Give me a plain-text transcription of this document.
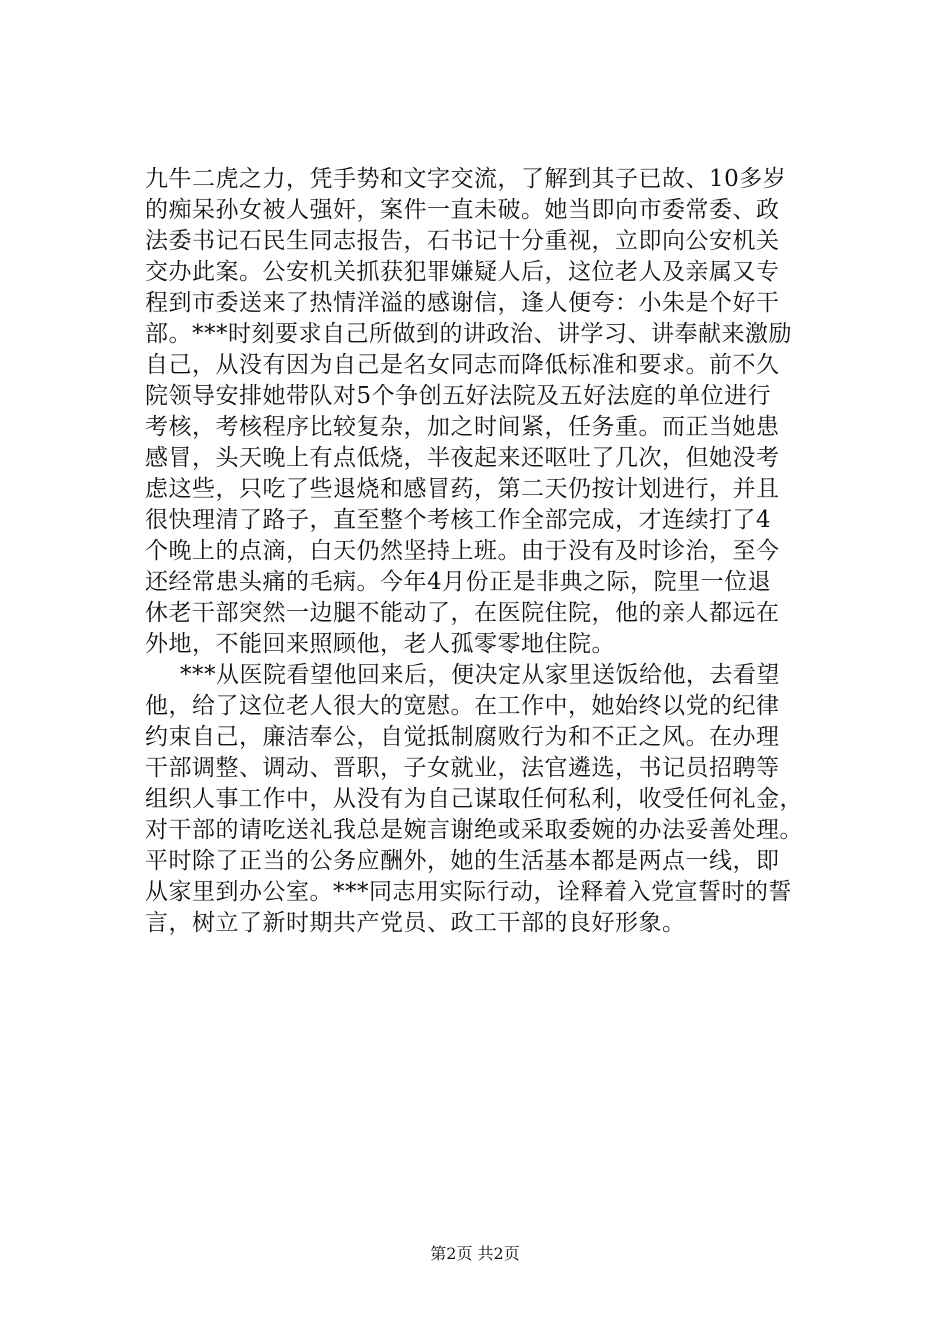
九牛二虎之力，凭手势和文字交流，了解到其子已故、10多岁
的痴呆孙女被人强奸，案件一直未破。她当即向市委常委、政
法委书记石民生同志报告，石书记十分重视，立即向公安机关
交办此案。公安机关抓获犯罪嫌疑人后，这位老人及亲属又专
程到市委送来了热情洋溢的感谢信，逢人便夸：小朱是个好干
部。***时刻要求自己所做到的讲政治、讲学习、讲奉献来激励
自己，从没有因为自己是名女同志而降低标准和要求。前不久
院领导安排她带队对5个争创五好法院及五好法庭的单位进行
考核，考核程序比较复杂，加之时间紧，任务重。而正当她患
感冒，头天晚上有点低烧，半夜起来还呕吐了几次，但她没考
虑这些，只吃了些退烧和感冒药，第二天仍按计划进行，并且
很快理清了路子，直至整个考核工作全部完成，才连续打了4
个晚上的点滴，白天仍然坚持上班。由于没有及时诊治，至今
还经常患头痛的毛病。今年4月份正是非典之际，院里一位退
休老干部突然一边腿不能动了，在医院住院，他的亲人都远在
外地，不能回来照顾他，老人孤零零地住院。
***从医院看望他回来后，便决定从家里送饭给他，去看望
他，给了这位老人很大的宽慰。在工作中，她始终以党的纪律
约束自己，廉洁奉公，自觉抵制腐败行为和不正之风。在办理
干部调整、调动、晋职，子女就业，法官遴选，书记员招聘等
组织人事工作中，从没有为自己谋取任何私利，收受任何礼金，
对干部的请吃送礼我总是婉言谢绝或采取委婉的办法妥善处理。
平时除了正当的公务应酬外，她的生活基本都是两点一线，即
从家里到办公室。***同志用实际行动，诠释着入党宣誓时的誓
言，树立了新时期共产党员、政工干部的良好形象。
第2页 共2页
